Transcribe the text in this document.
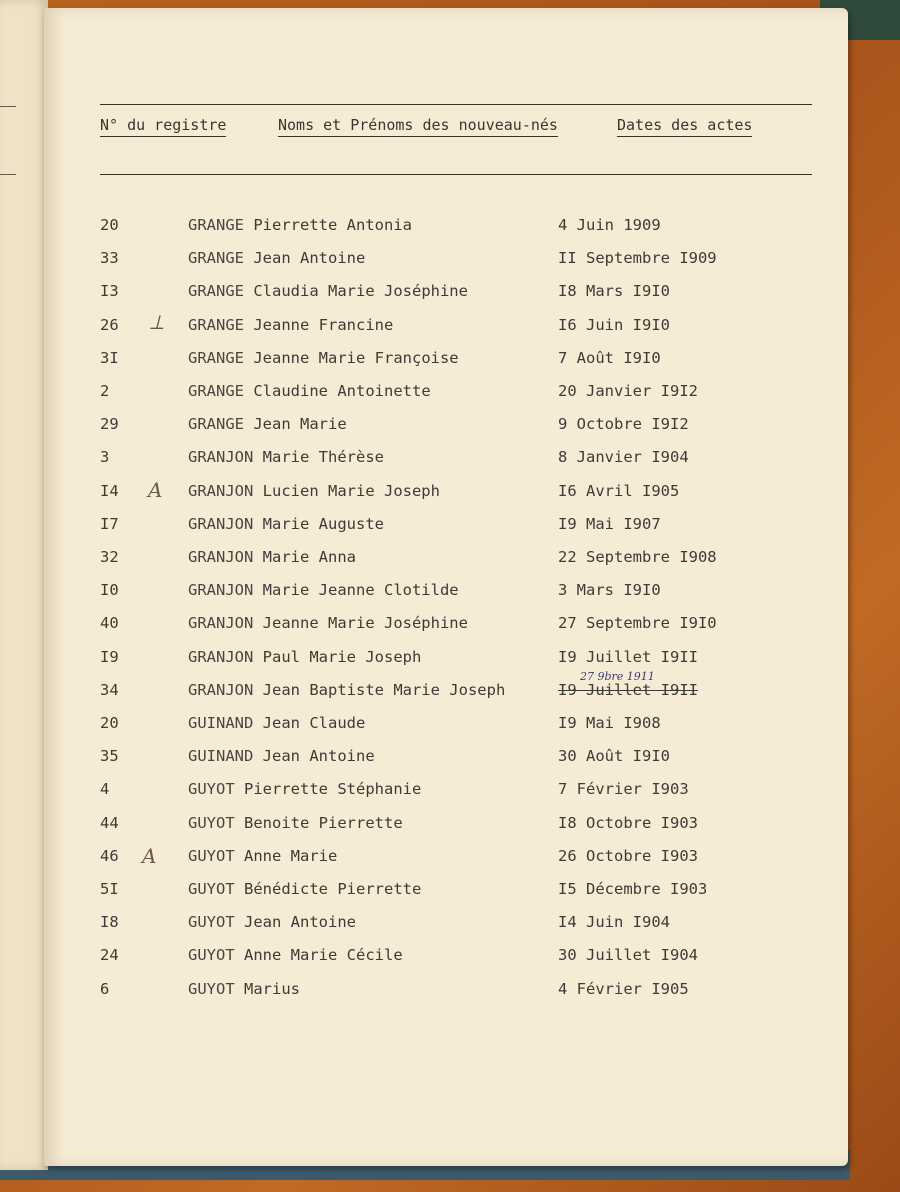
N° du registre	Noms et Prénoms des nouveau-nés	Dates des actes
20	GRANGE Pierrette Antonia	4 Juin 1909
33	GRANGE Jean Antoine	II Septembre I909
I3	GRANGE Claudia Marie Joséphine	I8 Mars I9I0
26	GRANGE Jeanne Francine	I6 Juin I9I0
3I	GRANGE Jeanne Marie Françoise	7 Août I9I0
2	GRANGE Claudine Antoinette	20 Janvier I9I2
29	GRANGE Jean Marie	9 Octobre I9I2
3	GRANJON Marie Thérèse	8 Janvier I904
I4	GRANJON Lucien Marie Joseph	I6 Avril I905
I7	GRANJON Marie Auguste	I9 Mai I907
32	GRANJON Marie Anna	22 Septembre I908
I0	GRANJON Marie Jeanne Clotilde	3 Mars I9I0
40	GRANJON Jeanne Marie Joséphine	27 Septembre I9I0
I9	GRANJON Paul Marie Joseph	I9 Juillet I9II
34	GRANJON Jean Baptiste Marie Joseph	I9 Juillet I9II
20	GUINAND Jean Claude	I9 Mai I908
35	GUINAND Jean Antoine	30 Août I9I0
4	GUYOT Pierrette Stéphanie	7 Février I903
44	GUYOT Benoite Pierrette	I8 Octobre I903
46	GUYOT Anne Marie	26 Octobre I903
5I	GUYOT Bénédicte Pierrette	I5 Décembre I903
I8	GUYOT Jean Antoine	I4 Juin I904
24	GUYOT Anne Marie Cécile	30 Juillet I904
6	GUYOT Marius	4 Février I905
⟂
A
A
27 9bre 1911
